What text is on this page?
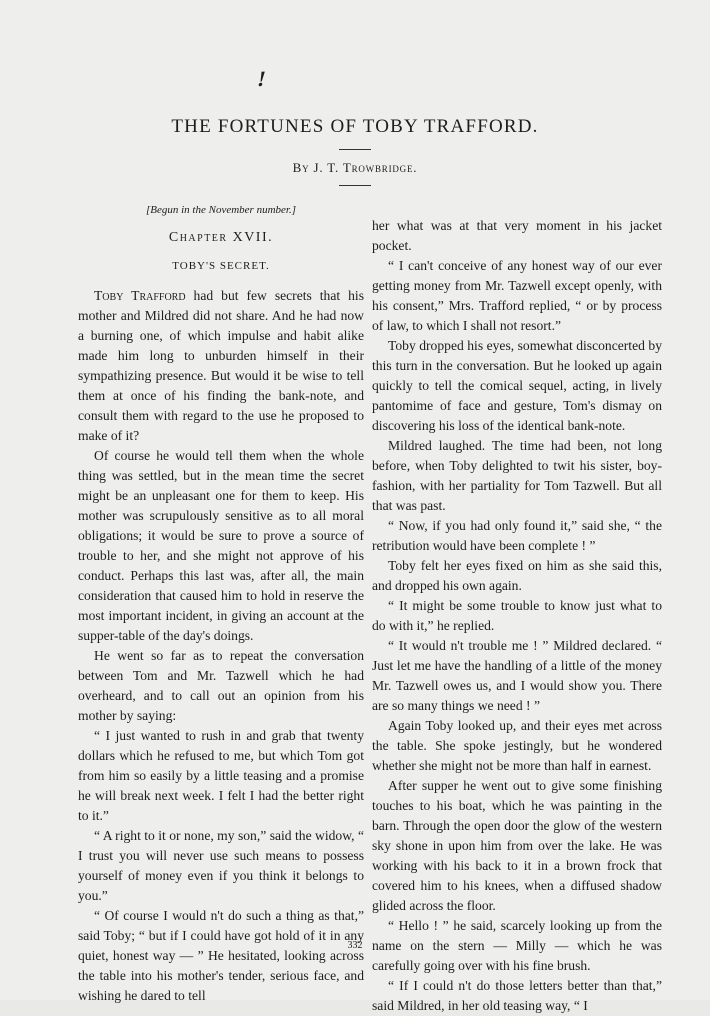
!
THE FORTUNES OF TOBY TRAFFORD.
By J. T. Trowbridge.
[Begun in the November number.]
Chapter XVII.
TOBY'S SECRET.

Toby Trafford had but few secrets that his mother and Mildred did not share. And he had now a burning one, of which impulse and habit alike made him long to unburden himself in their sympathizing presence. But would it be wise to tell them at once of his finding the bank-note, and consult them with regard to the use he proposed to make of it?

Of course he would tell them when the whole thing was settled, but in the mean time the secret might be an unpleasant one for them to keep. His mother was scrupulously sensitive as to all moral obligations; it would be sure to prove a source of trouble to her, and she might not approve of his conduct. Perhaps this last was, after all, the main consideration that caused him to hold in reserve the most important incident, in giving an account at the supper-table of the day's doings.

He went so far as to repeat the conversation between Tom and Mr. Tazwell which he had overheard, and to call out an opinion from his mother by saying:

“ I just wanted to rush in and grab that twenty dollars which he refused to me, but which Tom got from him so easily by a little teasing and a promise he will break next week. I felt I had the better right to it.”

“ A right to it or none, my son,” said the widow, “ I trust you will never use such means to possess yourself of money even if you think it belongs to you.”

“ Of course I would n't do such a thing as that,” said Toby; “ but if I could have got hold of it in any quiet, honest way — ” He hesitated, looking across the table into his mother's tender, serious face, and wishing he dared to tell

her what was at that very moment in his jacket pocket.

“ I can't conceive of any honest way of our ever getting money from Mr. Tazwell except openly, with his consent,” Mrs. Trafford replied, “ or by process of law, to which I shall not resort.”

Toby dropped his eyes, somewhat disconcerted by this turn in the conversation. But he looked up again quickly to tell the comical sequel, acting, in lively pantomime of face and gesture, Tom's dismay on discovering his loss of the identical bank-note.

Mildred laughed. The time had been, not long before, when Toby delighted to twit his sister, boy-fashion, with her partiality for Tom Tazwell. But all that was past.

“ Now, if you had only found it,” said she, “ the retribution would have been complete ! ”

Toby felt her eyes fixed on him as she said this, and dropped his own again.

“ It might be some trouble to know just what to do with it,” he replied.

“ It would n't trouble me ! ” Mildred declared. “ Just let me have the handling of a little of the money Mr. Tazwell owes us, and I would show you. There are so many things we need ! ”

Again Toby looked up, and their eyes met across the table. She spoke jestingly, but he wondered whether she might not be more than half in earnest.

After supper he went out to give some finishing touches to his boat, which he was painting in the barn. Through the open door the glow of the western sky shone in upon him from over the lake. He was working with his back to it in a brown frock that covered him to his knees, when a diffused shadow glided across the floor.

“ Hello ! ” he said, scarcely looking up from the name on the stern — Milly — which he was carefully going over with his fine brush.

“ If I could n't do those letters better than that,” said Mildred, in her old teasing way, “ I

332
